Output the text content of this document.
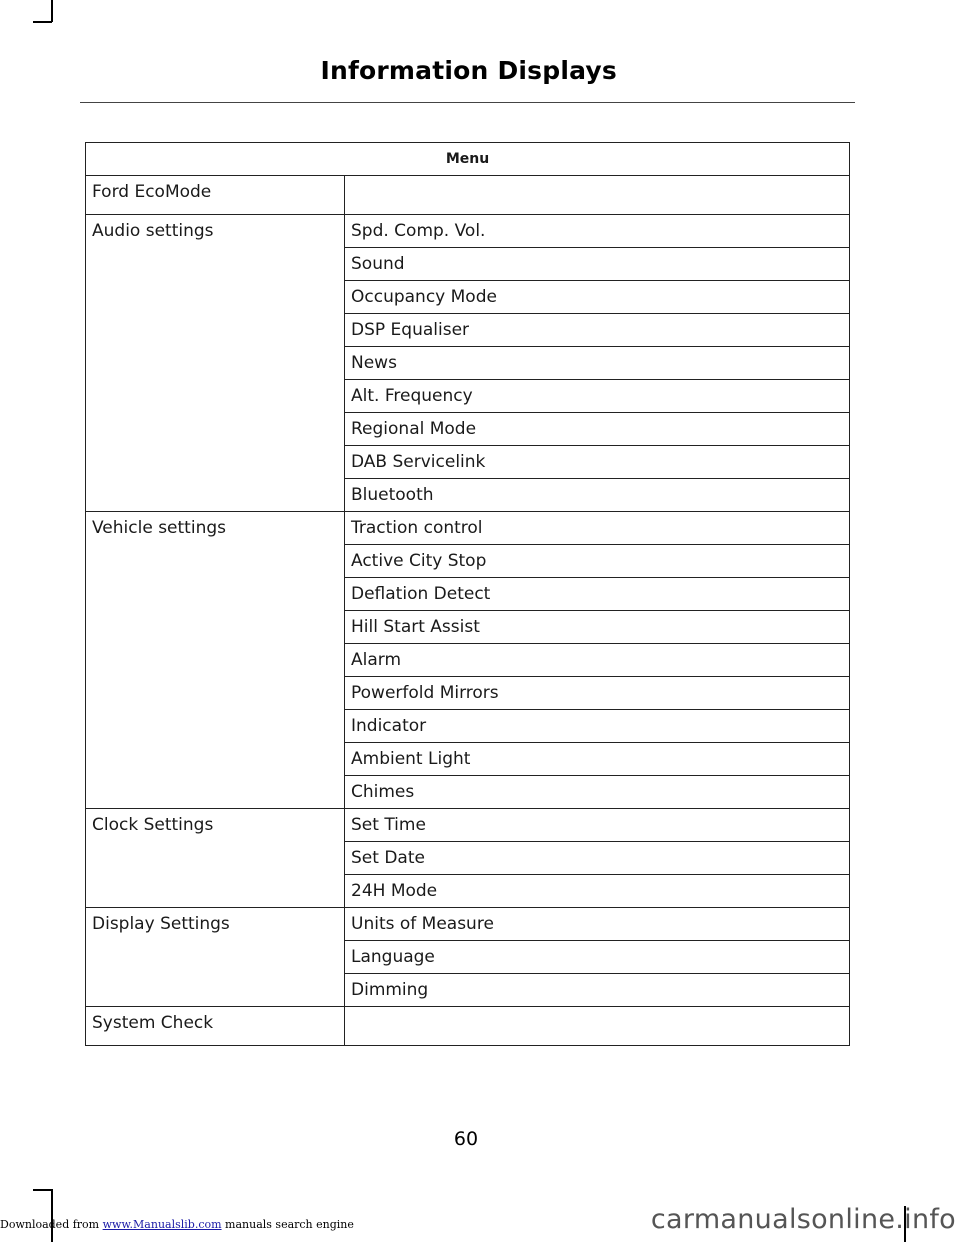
Information Displays
Menu	
Ford EcoMode	
Audio settings	Spd. Comp. Vol.
	Sound
	Occupancy Mode
	DSP Equaliser
	News
	Alt. Frequency
	Regional Mode
	DAB Servicelink
	Bluetooth
Vehicle settings	Traction control
	Active City Stop
	Deflation Detect
	Hill Start Assist
	Alarm
	Powerfold Mirrors
	Indicator
	Ambient Light
	Chimes
Clock Settings	Set Time
	Set Date
	24H Mode
Display Settings	Units of Measure
	Language
	Dimming
System Check	
60
Downloaded from www.Manualslib.com manuals search engine	carmanualsonline.info
